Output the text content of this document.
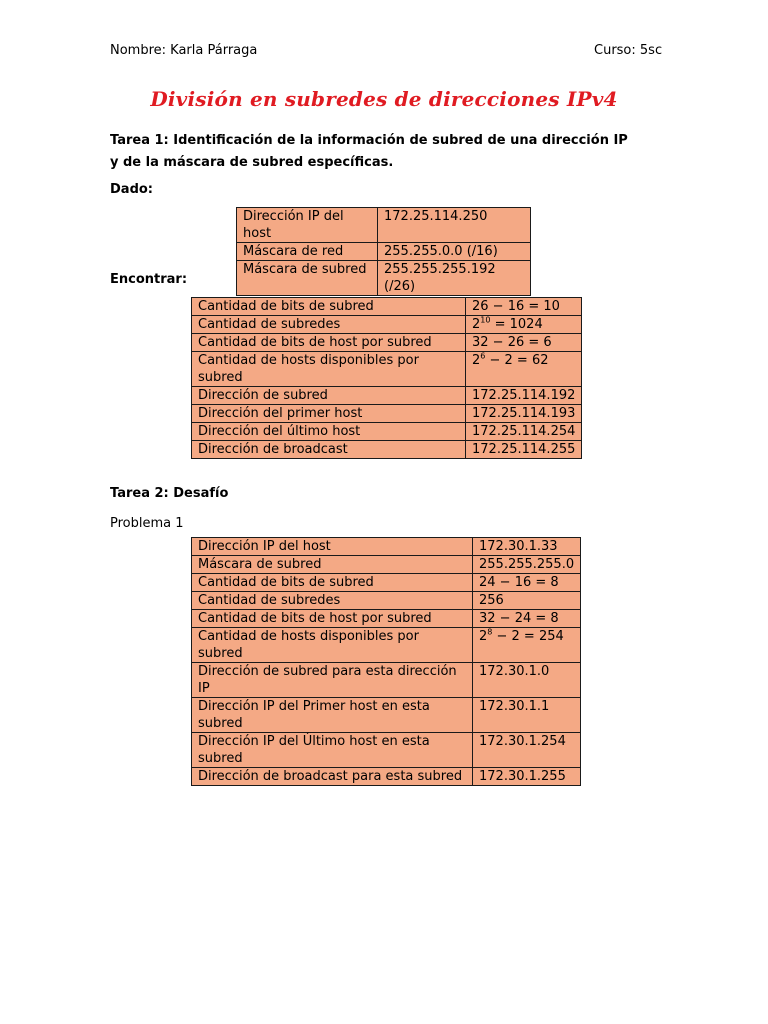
Nombre: Karla Párraga	Curso: 5sc
División en subredes de direcciones IPv4
Tarea 1: Identificación de la información de subred de una dirección IP y de la máscara de subred específicas.
Dado:
Dirección IP del host	172.25.114.250
Máscara de red	255.255.0.0 (/16)
Máscara de subred	255.255.255.192 (/26)
Encontrar:
Cantidad de bits de subred	26 − 16 = 10
Cantidad de subredes	$2^{10} = 1024$
Cantidad de bits de host por subred	32 − 26 = 6
Cantidad de hosts disponibles por subred	$2^6 - 2 = 62$
Dirección de subred	172.25.114.192
Dirección del primer host	172.25.114.193
Dirección del último host	172.25.114.254
Dirección de broadcast	172.25.114.255
Tarea 2: Desafío
Problema 1
Dirección IP del host	172.30.1.33
Máscara de subred	255.255.255.0
Cantidad de bits de subred	24 − 16 = 8
Cantidad de subredes	256
Cantidad de bits de host por subred	32 − 24 = 8
Cantidad de hosts disponibles por subred	$2^8 - 2 = 254$
Dirección de subred para esta dirección IP	172.30.1.0
Dirección IP del Primer host en esta subred	172.30.1.1
Dirección IP del Último host en esta subred	172.30.1.254
Dirección de broadcast para esta subred	172.30.1.255
